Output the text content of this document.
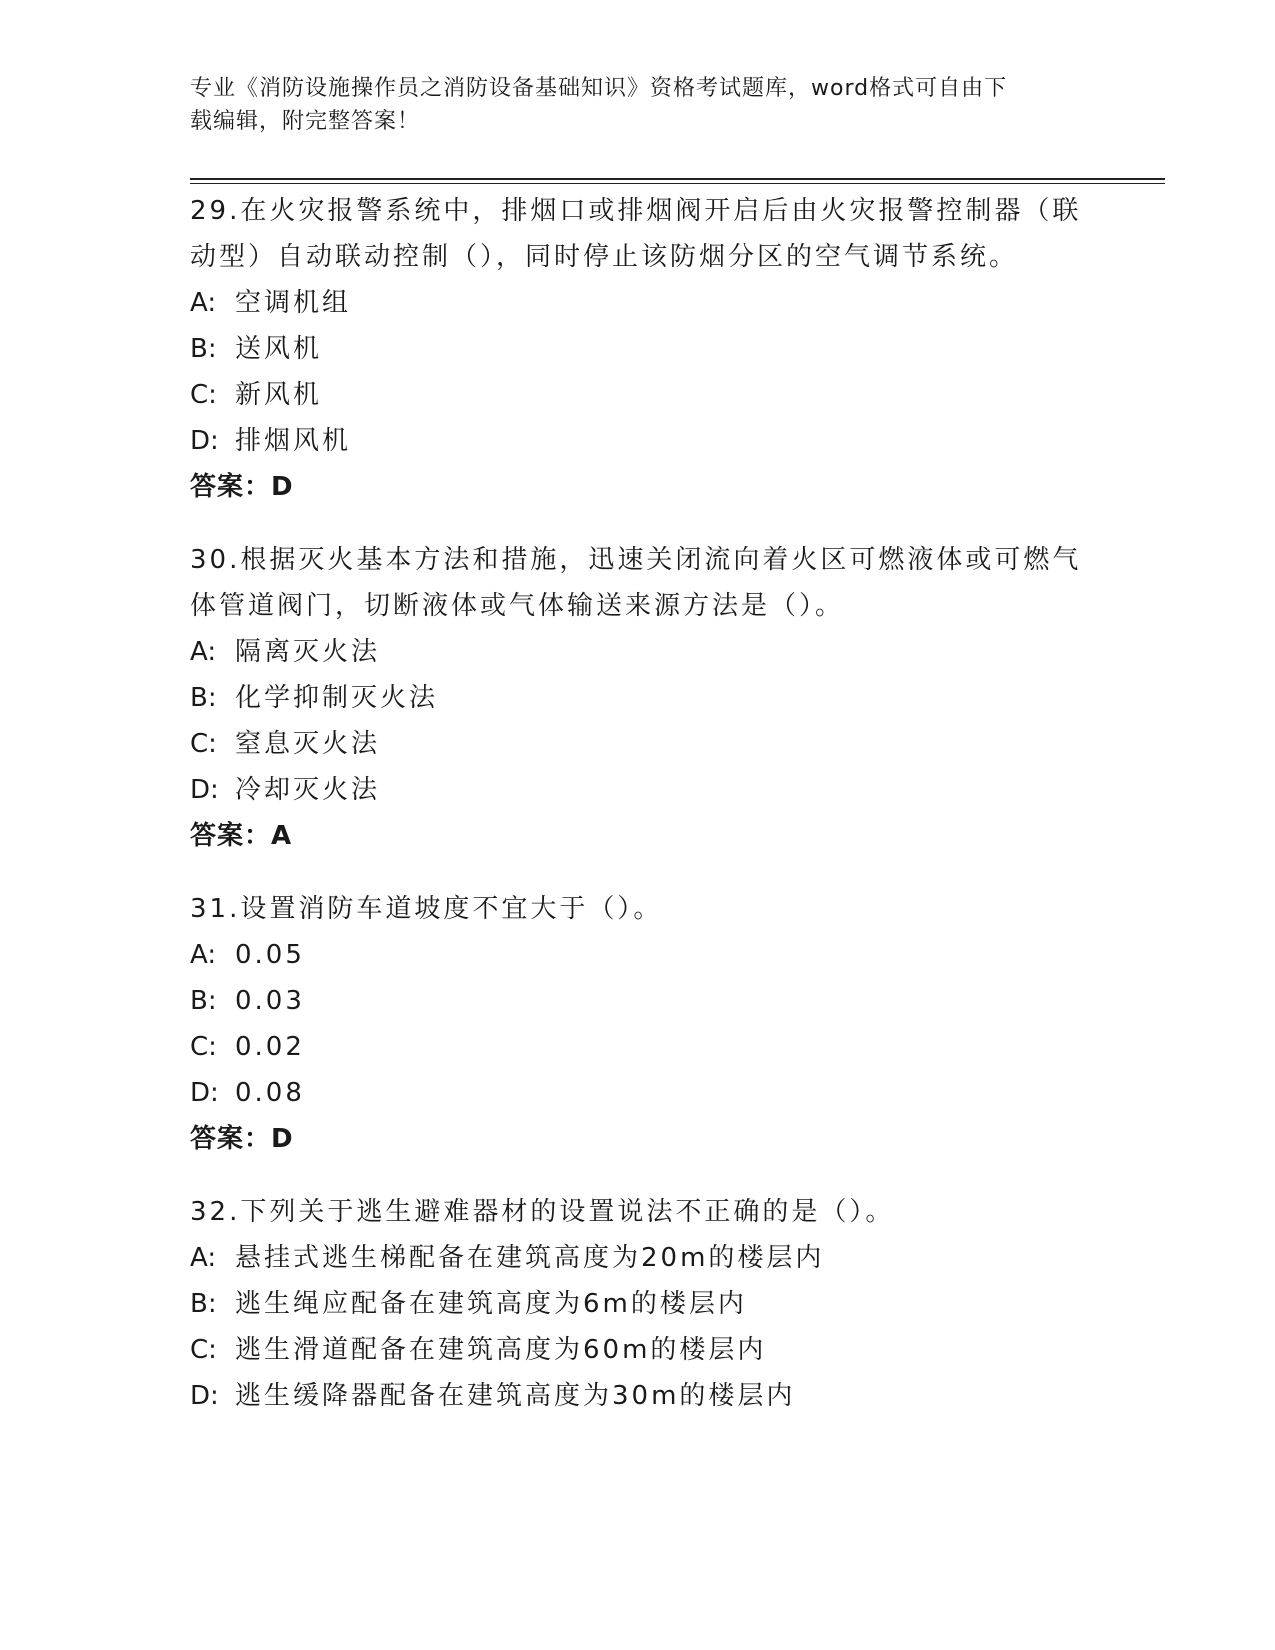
专业《消防设施操作员之消防设备基础知识》资格考试题库，word格式可自由下
载编辑，附完整答案！
29.在火灾报警系统中，排烟口或排烟阀开启后由火灾报警控制器（联
动型）自动联动控制（），同时停止该防烟分区的空气调节系统。
A: 空调机组
B: 送风机
C: 新风机
D: 排烟风机
答案：D
30.根据灭火基本方法和措施，迅速关闭流向着火区可燃液体或可燃气
体管道阀门，切断液体或气体输送来源方法是（）。
A: 隔离灭火法
B: 化学抑制灭火法
C: 窒息灭火法
D: 冷却灭火法
答案：A
31.设置消防车道坡度不宜大于（）。
A: 0.05
B: 0.03
C: 0.02
D: 0.08
答案：D
32.下列关于逃生避难器材的设置说法不正确的是（）。
A: 悬挂式逃生梯配备在建筑高度为20m的楼层内
B: 逃生绳应配备在建筑高度为6m的楼层内
C: 逃生滑道配备在建筑高度为60m的楼层内
D: 逃生缓降器配备在建筑高度为30m的楼层内
